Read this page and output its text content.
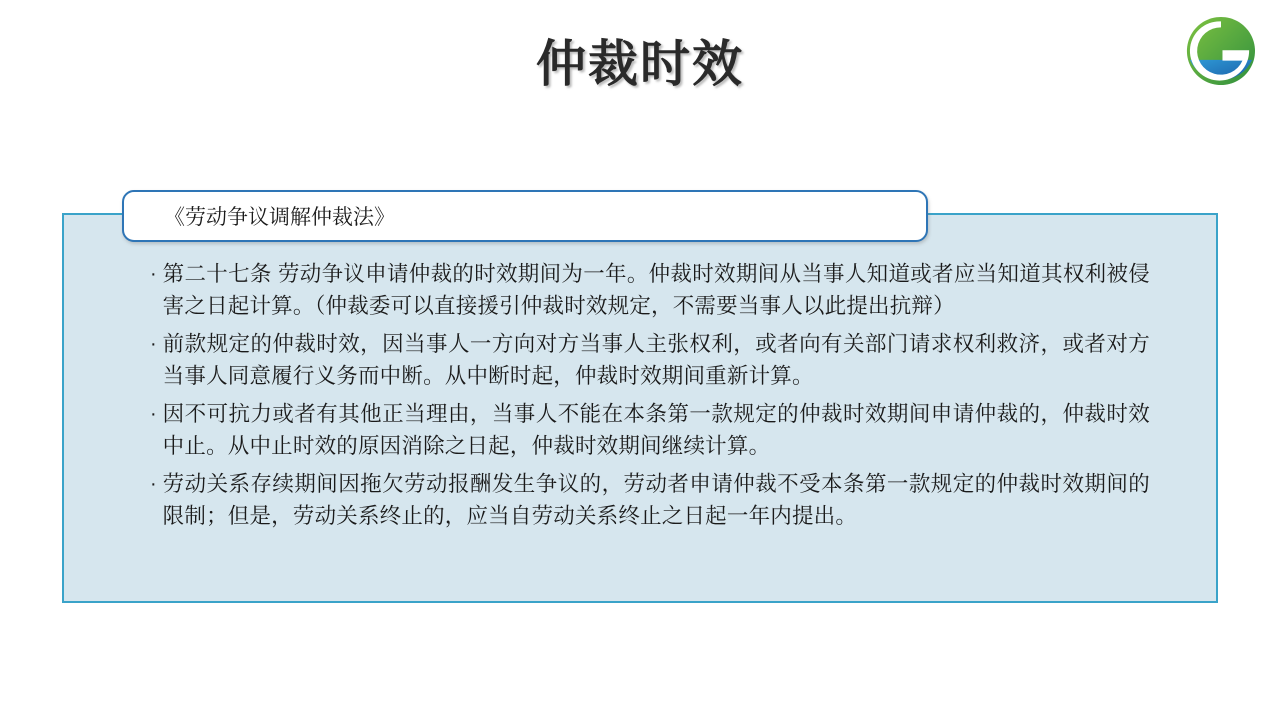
仲裁时效
《劳动争议调解仲裁法》
· 第二十七条 劳动争议申请仲裁的时效期间为一年。仲裁时效期间从当事人知道或者应当知道其权利被侵害之日起计算。（仲裁委可以直接援引仲裁时效规定，不需要当事人以此提出抗辩）
· 前款规定的仲裁时效，因当事人一方向对方当事人主张权利，或者向有关部门请求权利救济，或者对方当事人同意履行义务而中断。从中断时起，仲裁时效期间重新计算。
· 因不可抗力或者有其他正当理由，当事人不能在本条第一款规定的仲裁时效期间申请仲裁的，仲裁时效中止。从中止时效的原因消除之日起，仲裁时效期间继续计算。
· 劳动关系存续期间因拖欠劳动报酬发生争议的，劳动者申请仲裁不受本条第一款规定的仲裁时效期间的限制；但是，劳动关系终止的，应当自劳动关系终止之日起一年内提出。
